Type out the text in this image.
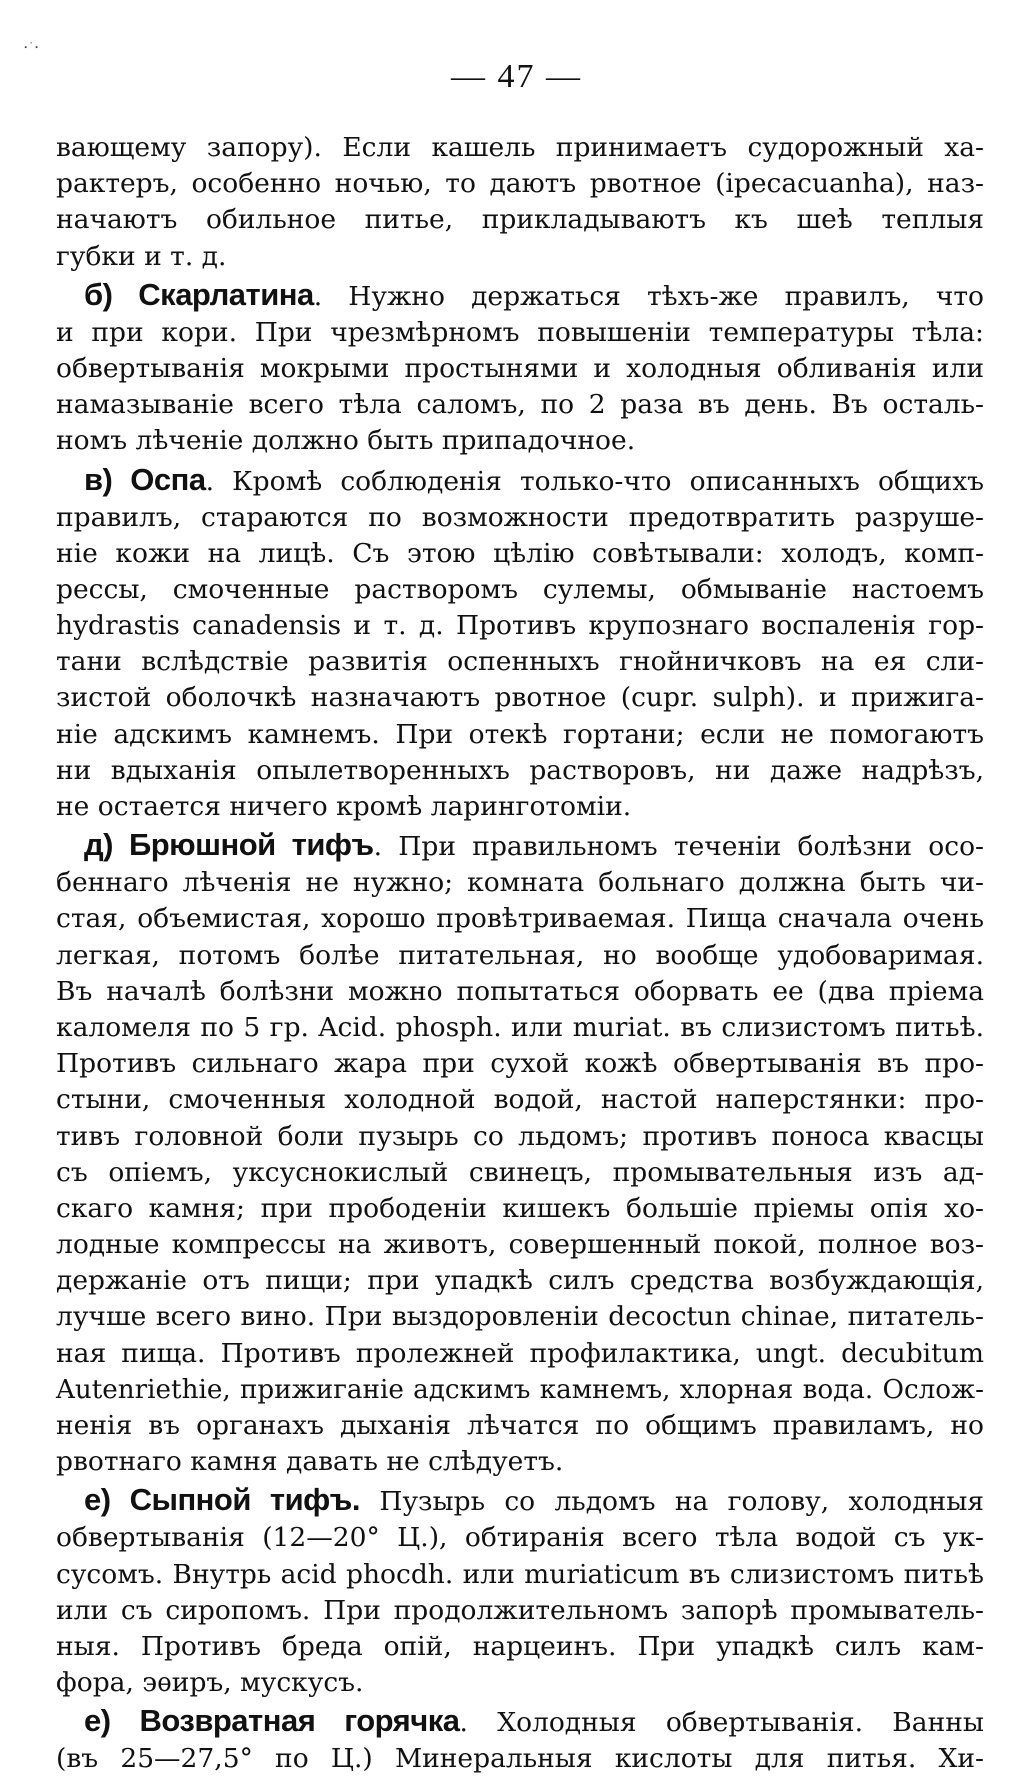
ꞏ˙ꞏ
— 47 —
вающему запору). Если кашель принимаетъ судорожный ха-
рактеръ, особенно ночью, то даютъ рвотное (ipecacuanha), наз-
начаютъ обильное питье, прикладываютъ къ шеѣ теплыя
губки и т. д.
б) Скарлатина. Нужно держаться тѣхъ-же правилъ, что
и при кори. При чрезмѣрномъ повышеніи температуры тѣла:
обвертыванія мокрыми простынями и холодныя обливанія или
намазываніе всего тѣла саломъ, по 2 раза въ день. Въ осталь-
номъ лѣченіе должно быть припадочное.
в) Оспа. Кромѣ соблюденія только-что описанныхъ общихъ
правилъ, стараются по возможности предотвратить разруше-
ніе кожи на лицѣ. Съ этою цѣлію совѣтывали: холодъ, комп-
рессы, смоченные растворомъ сулемы, обмываніе настоемъ
hydrastis canadensis и т. д. Противъ крупознаго воспаленія гор-
тани вслѣдствіе развитія оспенныхъ гнойничковъ на ея сли-
зистой оболочкѣ назначаютъ рвотное (cupr. sulph). и прижига-
ніе адскимъ камнемъ. При отекѣ гортани; если не помогаютъ
ни вдыханія опылетворенныхъ растворовъ, ни даже надрѣзъ,
не остается ничего кромѣ ларинготоміи.
д) Брюшной тифъ. При правильномъ теченіи болѣзни осо-
беннаго лѣченія не нужно; комната больнаго должна быть чи-
стая, объемистая, хорошо провѣтриваемая. Пища сначала очень
легкая, потомъ болѣе питательная, но вообще удобоваримая.
Въ началѣ болѣзни можно попытаться оборвать ее (два пріема
каломеля по 5 гр. Acid. phosph. или muriat. въ слизистомъ питьѣ.
Противъ сильнаго жара при сухой кожѣ обвертыванія въ про-
стыни, смоченныя холодной водой, настой наперстянки: про-
тивъ головной боли пузырь со льдомъ; противъ поноса квасцы
съ опіемъ, уксуснокислый свинецъ, промывательныя изъ ад-
скаго камня; при прободеніи кишекъ большіе пріемы опія хо-
лодные компрессы на животъ, совершенный покой, полное воз-
держаніе отъ пищи; при упадкѣ силъ средства возбуждающія,
лучше всего вино. При выздоровленіи decoctun chinae, питатель-
ная пища. Противъ пролежней профилактика, ungt. decubitum
Autenriethie, прижиганіе адскимъ камнемъ, хлорная вода. Ослож-
ненія въ органахъ дыханія лѣчатся по общимъ правиламъ, но
рвотнаго камня давать не слѣдуетъ.
е) Сыпной тифъ. Пузырь со льдомъ на голову, холодныя
обвертыванія (12—20° Ц.), обтиранія всего тѣла водой съ ук-
сусомъ. Внутрь acid phocdh. или muriaticum въ слизистомъ питьѣ
или съ сиропомъ. При продолжительномъ запорѣ промыватель-
ныя. Противъ бреда опій, нарцеинъ. При упадкѣ силъ кам-
фора, эѳиръ, мускусъ.
е) Возвратная горячка. Холодныя обвертыванія. Ванны
(въ 25—27,5° по Ц.) Минеральныя кислоты для питья. Хи-
